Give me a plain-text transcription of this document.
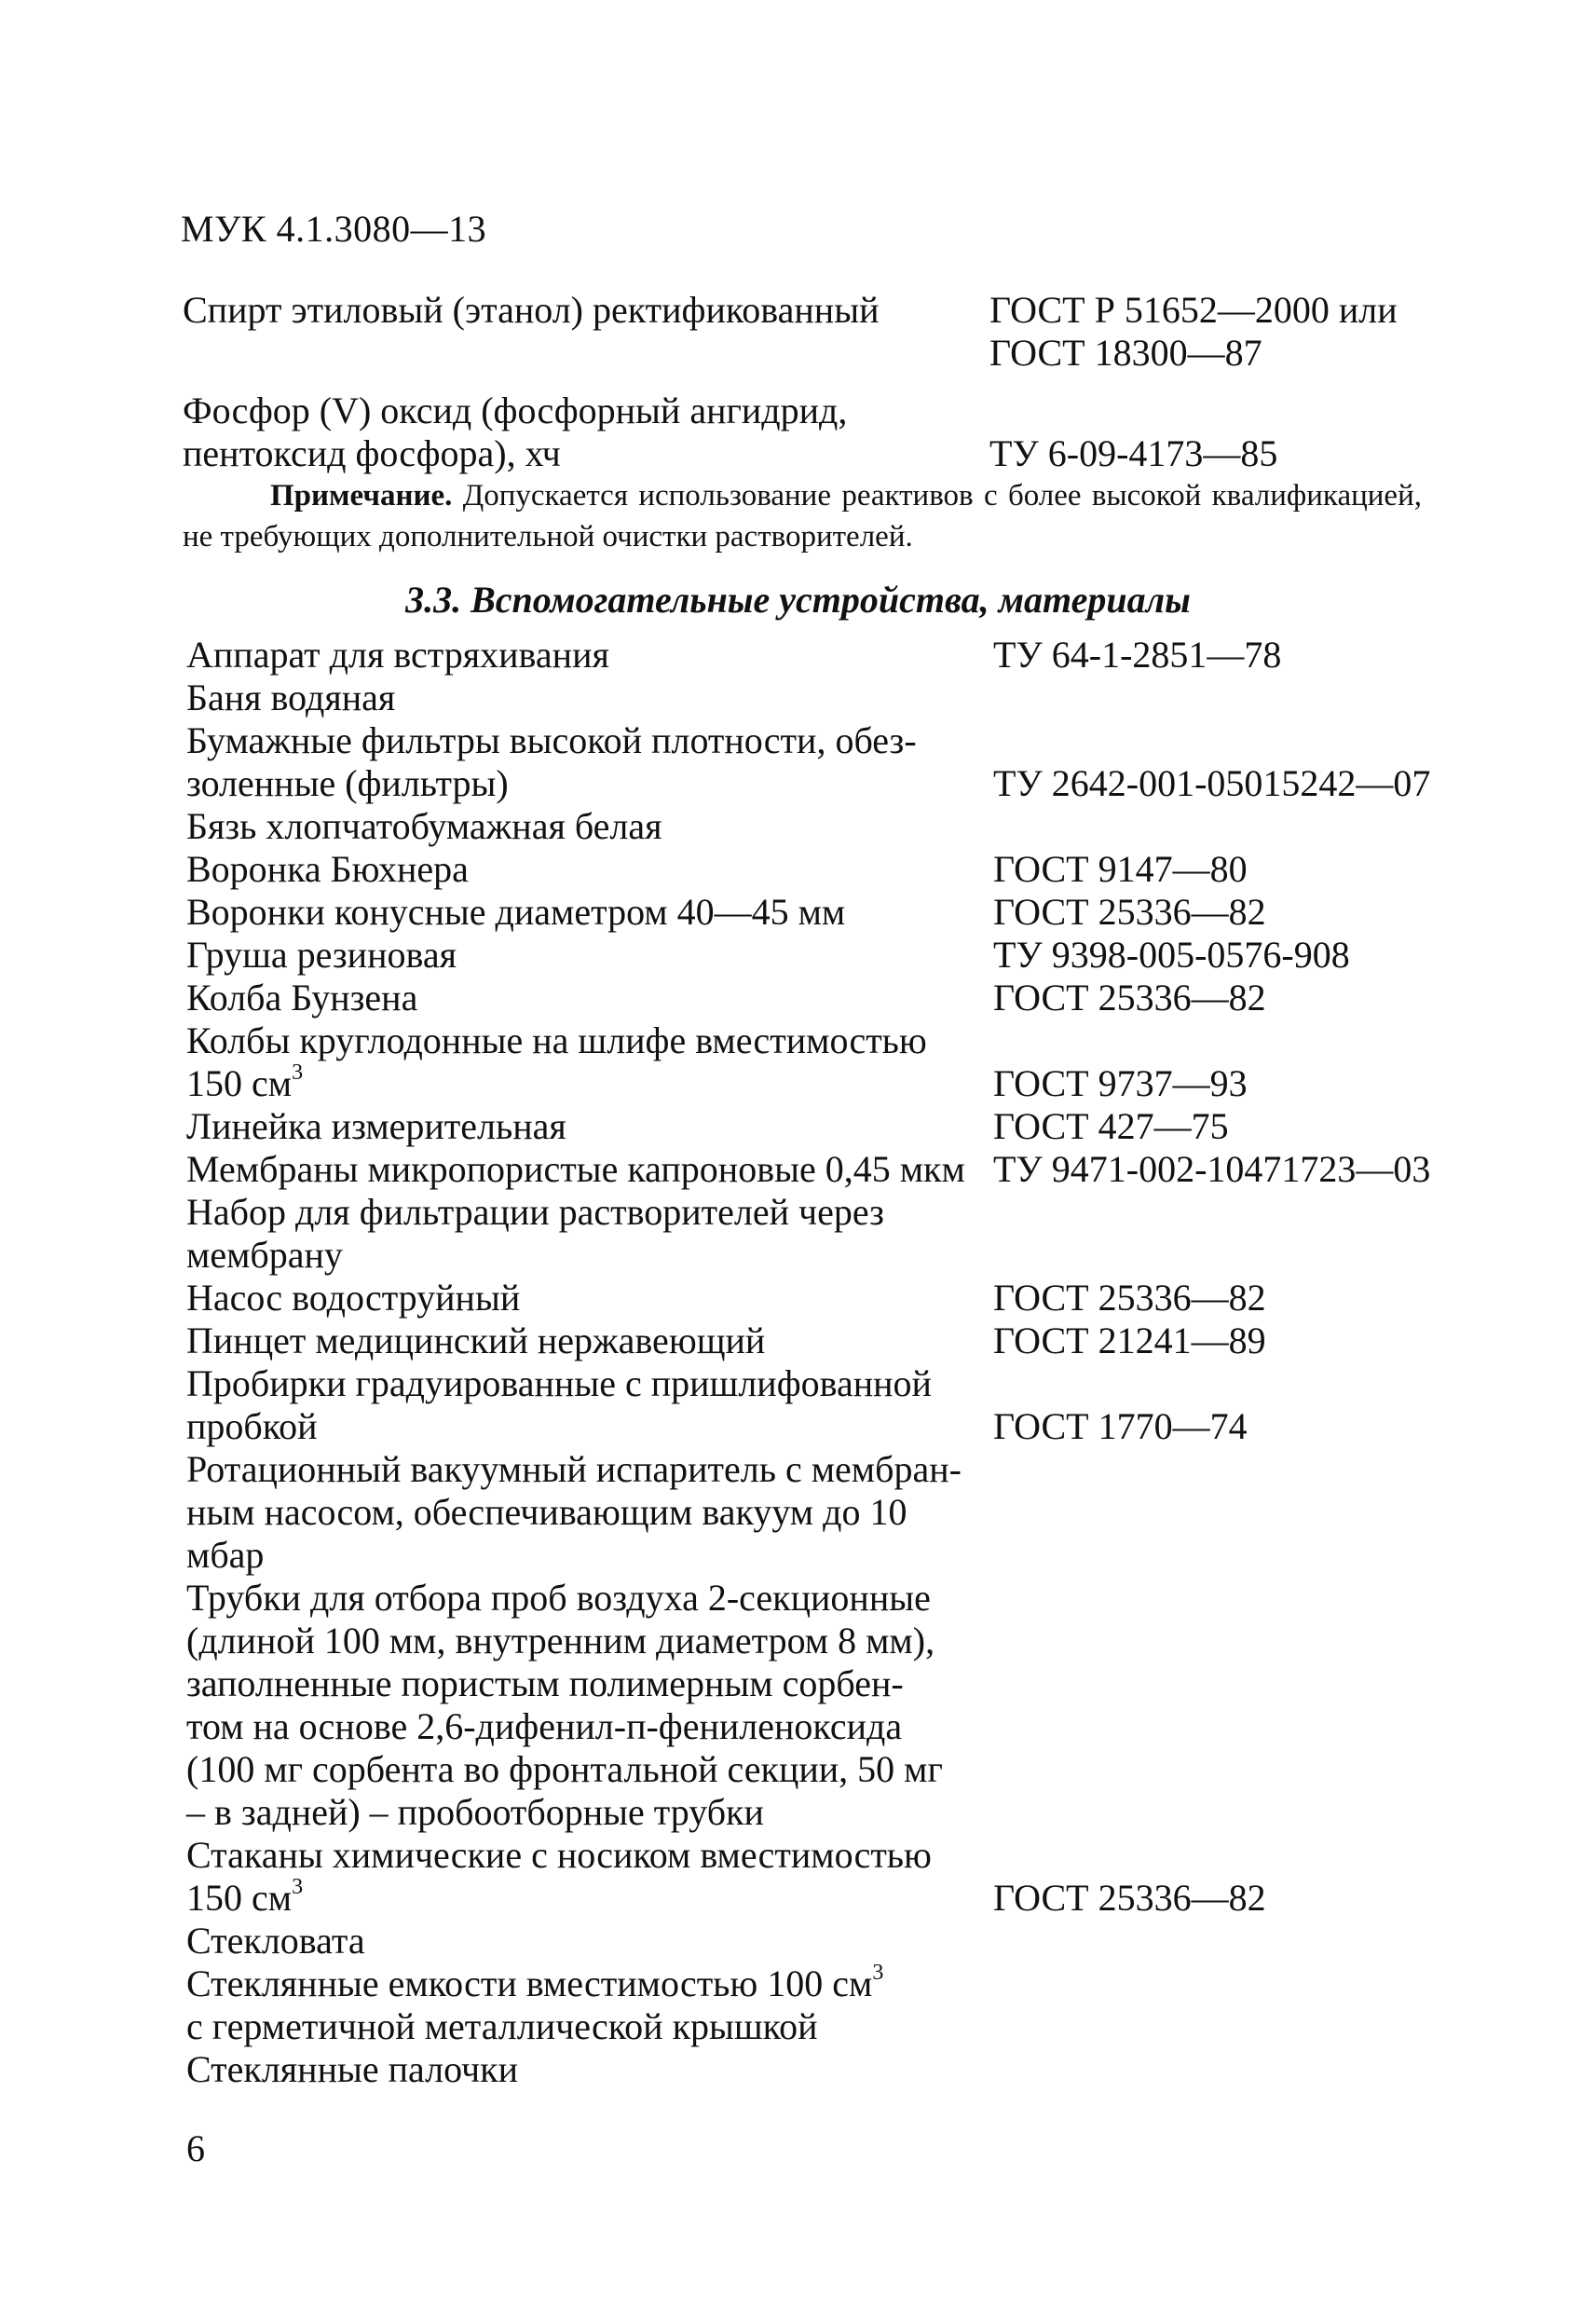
МУК 4.1.3080—13
Спирт этиловый (этанол) ректификованный	ГОСТ Р 51652—2000 или
ГОСТ 18300—87
Фосфор (V) оксид (фосфорный ангидрид,
пентоксид фосфора), хч	ТУ 6-09-4173—85
Примечание. Допускается использование реактивов с более высокой квалификацией, не требующих дополнительной очистки растворителей.
3.3. Вспомогательные устройства, материалы
Аппарат для встряхивания	ТУ 64-1-2851—78
Баня водяная
Бумажные фильтры высокой плотности, обез-
золенные (фильтры)	ТУ 2642-001-05015242—07
Бязь хлопчатобумажная белая
Воронка Бюхнера	ГОСТ 9147—80
Воронки конусные диаметром 40—45 мм	ГОСТ 25336—82
Груша резиновая	ТУ 9398-005-0576-908
Колба Бунзена	ГОСТ 25336—82
Колбы круглодонные на шлифе вместимостью
150 $см^3$	ГОСТ 9737—93
Линейка измерительная	ГОСТ 427—75
Мембраны микропористые капроновые 0,45 мкм ТУ 9471-002-10471723—03
Набор для фильтрации растворителей через
мембрану
Насос водоструйный	ГОСТ 25336—82
Пинцет медицинский нержавеющий	ГОСТ 21241—89
Пробирки градуированные с пришлифованной
пробкой	ГОСТ 1770—74
Ротационный вакуумный испаритель с мембран-
ным насосом, обеспечивающим вакуум до 10 мбар
Трубки для отбора проб воздуха 2-секционные
(длиной 100 мм, внутренним диаметром 8 мм),
заполненные пористым полимерным сорбен-
том на основе 2,6-дифенил-п-фениленоксида
(100 мг сорбента во фронтальной секции, 50 мг
– в задней) – пробоотборные трубки
Стаканы химические с носиком вместимостью
150 $см^3$	ГОСТ 25336—82
Стекловата
Стеклянные емкости вместимостью 100 $см^3$
с герметичной металлической крышкой
Стеклянные палочки
6
